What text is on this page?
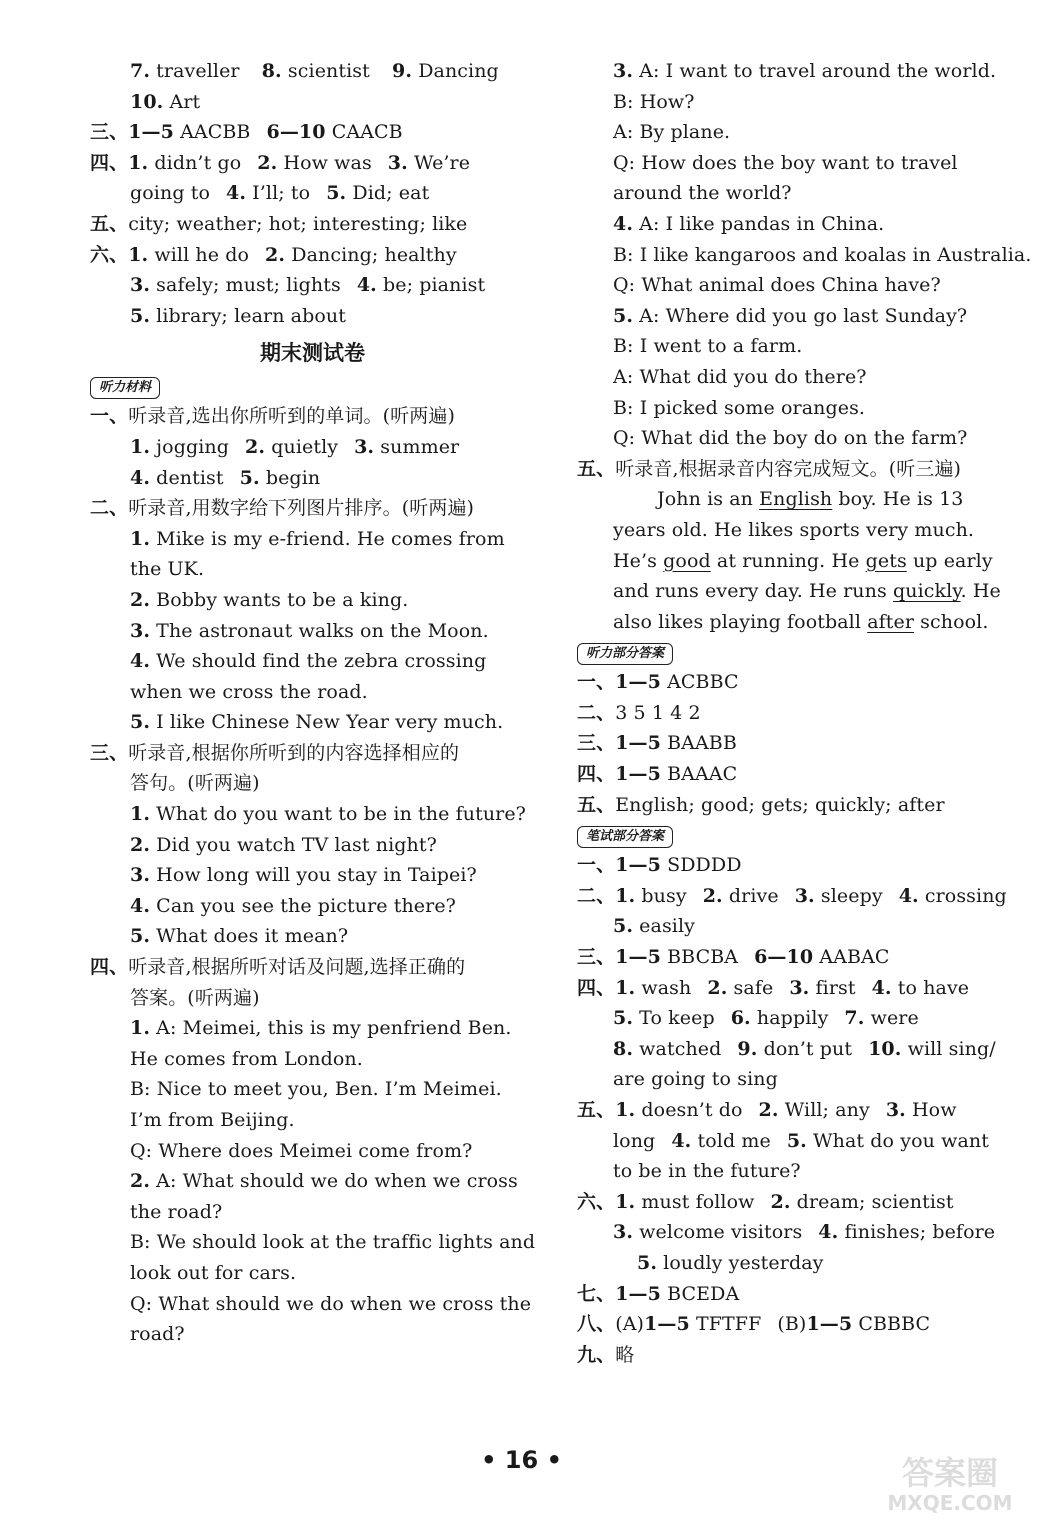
7. traveller 8. scientist 9. Dancing
10. Art
三、1—5 AACBB 6—10 CAACB
四、1. didn’t go 2. How was 3. We’re
going to 4. I’ll; to 5. Did; eat
五、city; weather; hot; interesting; like
六、1. will he do 2. Dancing; healthy
3. safely; must; lights 4. be; pianist
5. library; learn about
期末测试卷
听力材料
一、听录音,选出你所听到的单词。(听两遍)
1. jogging 2. quietly 3. summer
4. dentist 5. begin
二、听录音,用数字给下列图片排序。(听两遍)
1. Mike is my e-friend. He comes from
the UK.
2. Bobby wants to be a king.
3. The astronaut walks on the Moon.
4. We should find the zebra crossing
when we cross the road.
5. I like Chinese New Year very much.
三、听录音,根据你所听到的内容选择相应的
答句。(听两遍)
1. What do you want to be in the future?
2. Did you watch TV last night?
3. How long will you stay in Taipei?
4. Can you see the picture there?
5. What does it mean?
四、听录音,根据所听对话及问题,选择正确的
答案。(听两遍)
1. A: Meimei, this is my penfriend Ben.
He comes from London.
B: Nice to meet you, Ben. I’m Meimei.
I’m from Beijing.
Q: Where does Meimei come from?
2. A: What should we do when we cross
the road?
B: We should look at the traffic lights and
look out for cars.
Q: What should we do when we cross the
road?
3. A: I want to travel around the world.
B: How?
A: By plane.
Q: How does the boy want to travel
around the world?
4. A: I like pandas in China.
B: I like kangaroos and koalas in Australia.
Q: What animal does China have?
5. A: Where did you go last Sunday?
B: I went to a farm.
A: What did you do there?
B: I picked some oranges.
Q: What did the boy do on the farm?
五、听录音,根据录音内容完成短文。(听三遍)
John is an English boy. He is 13
years old. He likes sports very much.
He’s good at running. He gets up early
and runs every day. He runs quickly. He
also likes playing football after school.
听力部分答案
一、1—5 ACBBC
二、3 5 1 4 2
三、1—5 BAABB
四、1—5 BAAAC
五、English; good; gets; quickly; after
笔试部分答案
一、1—5 SDDDD
二、1. busy 2. drive 3. sleepy 4. crossing
5. easily
三、1—5 BBCBA 6—10 AABAC
四、1. wash 2. safe 3. first 4. to have
5. To keep 6. happily 7. were
8. watched 9. don’t put 10. will sing/
are going to sing
五、1. doesn’t do 2. Will; any 3. How
long 4. told me 5. What do you want
to be in the future?
六、1. must follow 2. dream; scientist
3. welcome visitors 4. finishes; before
5. loudly yesterday
七、1—5 BCEDA
八、(A)1—5 TFTFF (B)1—5 CBBBC
九、略
• 16 •	答案圈
MXQE.COM
